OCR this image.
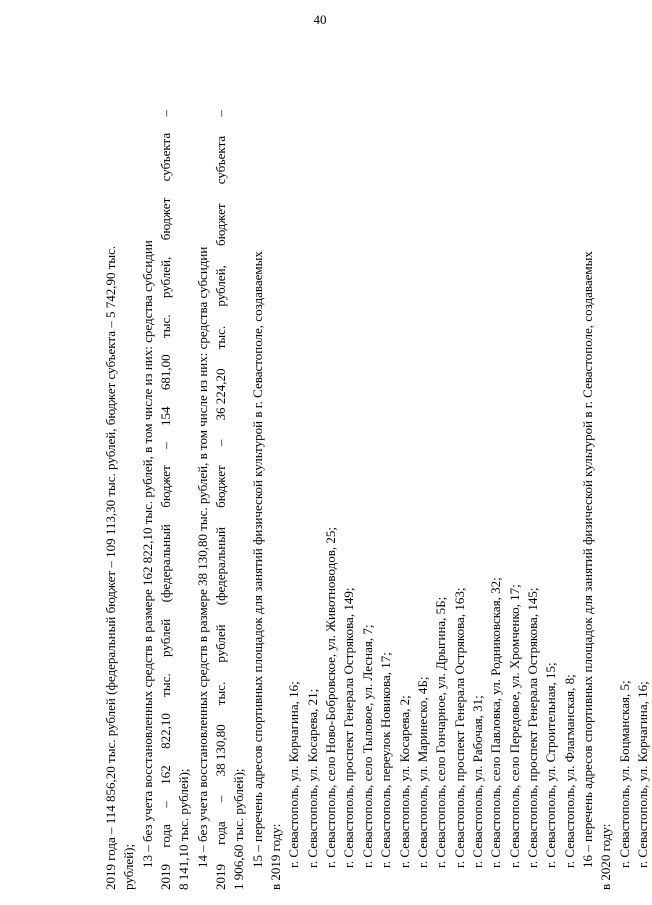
40
2019 года – 114 856,20 тыс. рублей (федеральный бюджет – 109 113,30 тыс. рублей, бюджет субъекта – 5 742,90 тыс. рублей); 13 – без учета восстановленных средств в размере 162 822,10 тыс. рублей, в том числе из них: средства субсидии
2019
года
–
162
822,10
тыс.
рублей
(федеральный
бюджет
–
154
681,00
тыс.
рублей,
бюджет
субъекта
–
8 141,10 тыс. рублей); 14 – без учета восстановленных средств в размере 38 130,80 тыс. рублей, в том числе из них: средства субсидии
2019
года
–
38 130,80
тыс.
рублей
(федеральный
бюджет
–
36 224,20
тыс.
рублей,
бюджет
субъекта
–
1 906,60 тыс. рублей); 15 – перечень адресов спортивных площадок для занятий физической культурой в г. Севастополе, создаваемых в 2019 году: г. Севастополь, ул. Корчагина, 16; г. Севастополь, ул. Косарева, 21; г. Севастополь, село Ново-Бобровское, ул. Животноводов, 25; г. Севастополь, проспект Генерала Острякова, 149; г. Севастополь, село Тыловое, ул. Лесная, 7; г. Севастополь, переулок Новикова, 17; г. Севастополь, ул. Косарева, 2; г. Севастополь, ул. Маринеско, 4Б; г. Севастополь, село Гончарное, ул. Дрыгина, 5Б; г. Севастополь, проспект Генерала Острякова, 163; г. Севастополь, ул. Рабочая, 31; г. Севастополь, село Павловка, ул. Родниковская, 32; г. Севастополь, село Передовое, ул. Хромченко, 17; г. Севастополь, проспект Генерала Острякова, 145; г. Севастополь, ул. Строительная, 15; г. Севастополь, ул. Флагманская, 8; 16 – перечень адресов спортивных площадок для занятий физической культурой в г. Севастополе, создаваемых в 2020 году: г. Севастополь, ул. Боцманская, 5; г. Севастополь, ул. Корчагина, 16;
